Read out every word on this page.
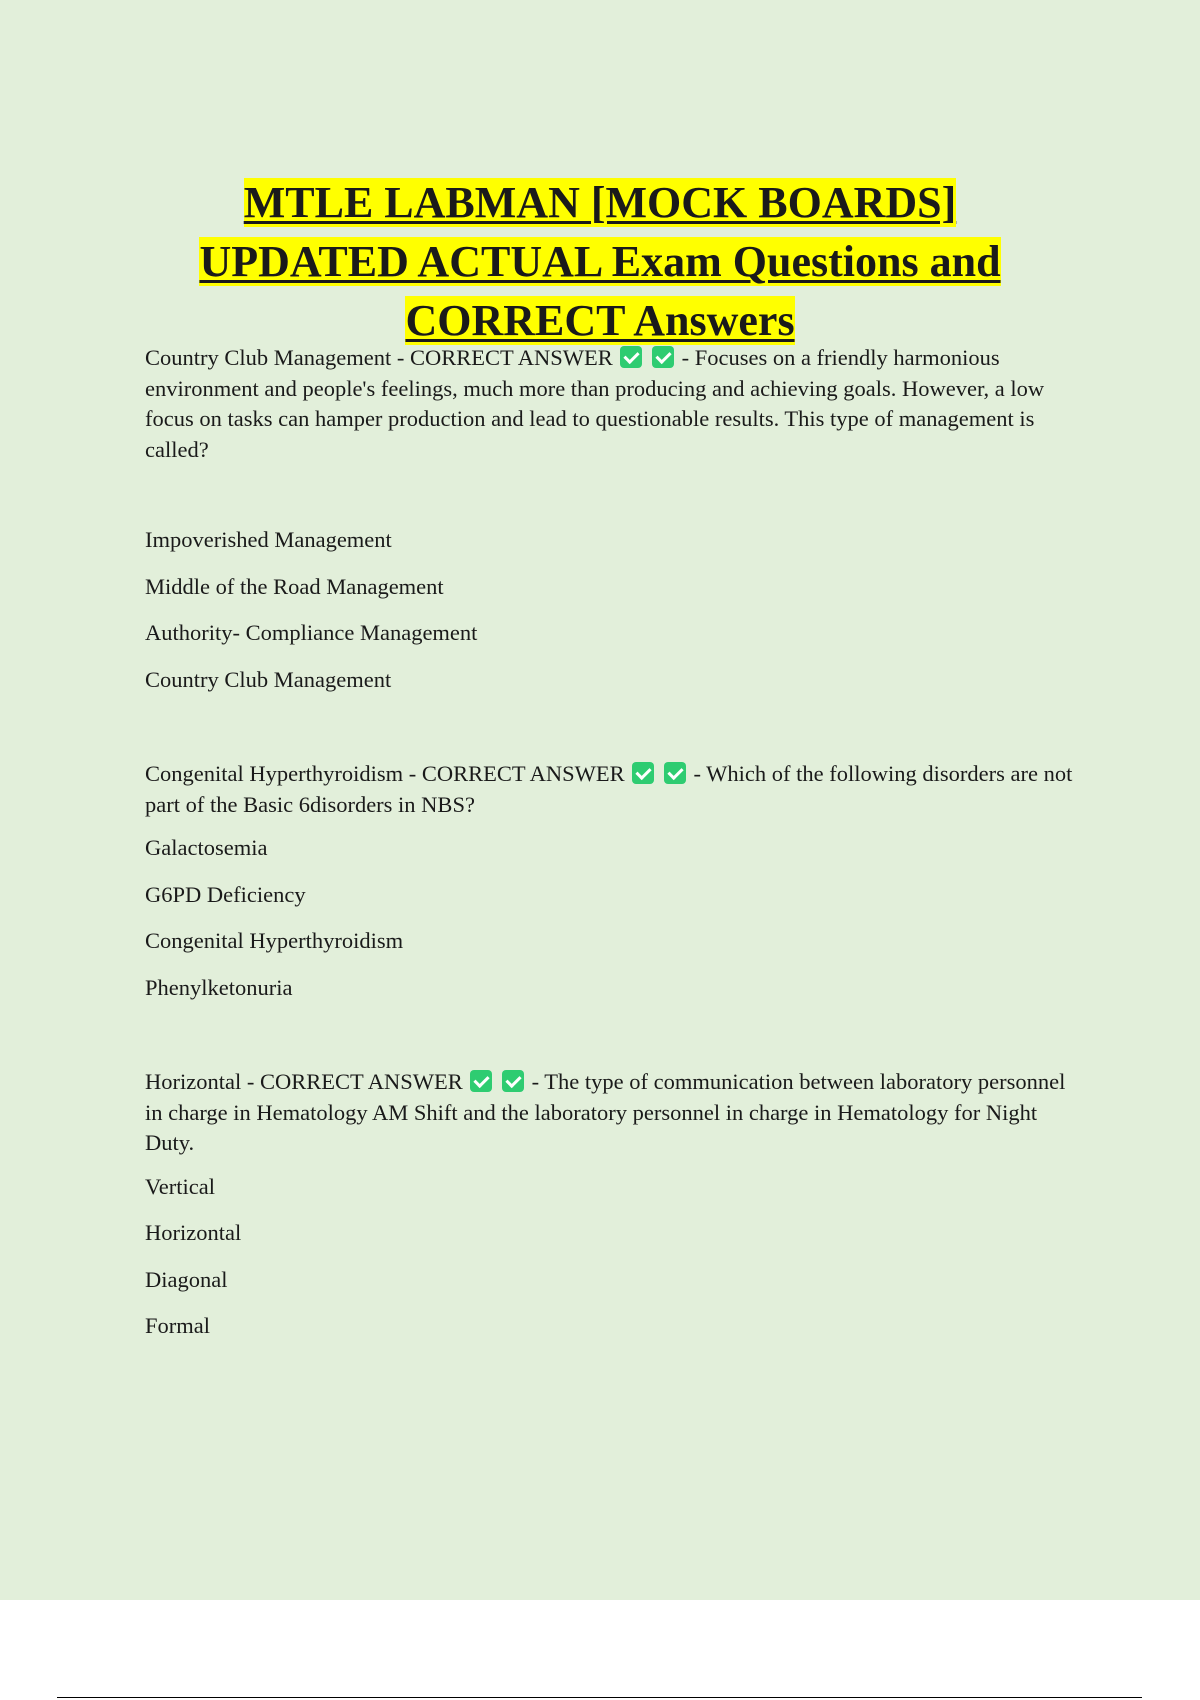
MTLE LABMAN [MOCK BOARDS]
UPDATED ACTUAL Exam Questions and
CORRECT Answers

Country Club Management - CORRECT ANSWER	- Focuses on a friendly harmonious environment and people's feelings, much more than producing and achieving goals. However, a low focus on tasks can hamper production and lead to questionable results. This type of management is called?

Impoverished Management
Middle of the Road Management
Authority- Compliance Management
Country Club Management

Congenital Hyperthyroidism - CORRECT ANSWER	- Which of the following disorders are not part of the Basic 6disorders in NBS?

Galactosemia
G6PD Deficiency
Congenital Hyperthyroidism
Phenylketonuria

Horizontal - CORRECT ANSWER	- The type of communication between laboratory personnel in charge in Hematology AM Shift and the laboratory personnel in charge in Hematology for Night Duty.

Vertical
Horizontal
Diagonal
Formal
